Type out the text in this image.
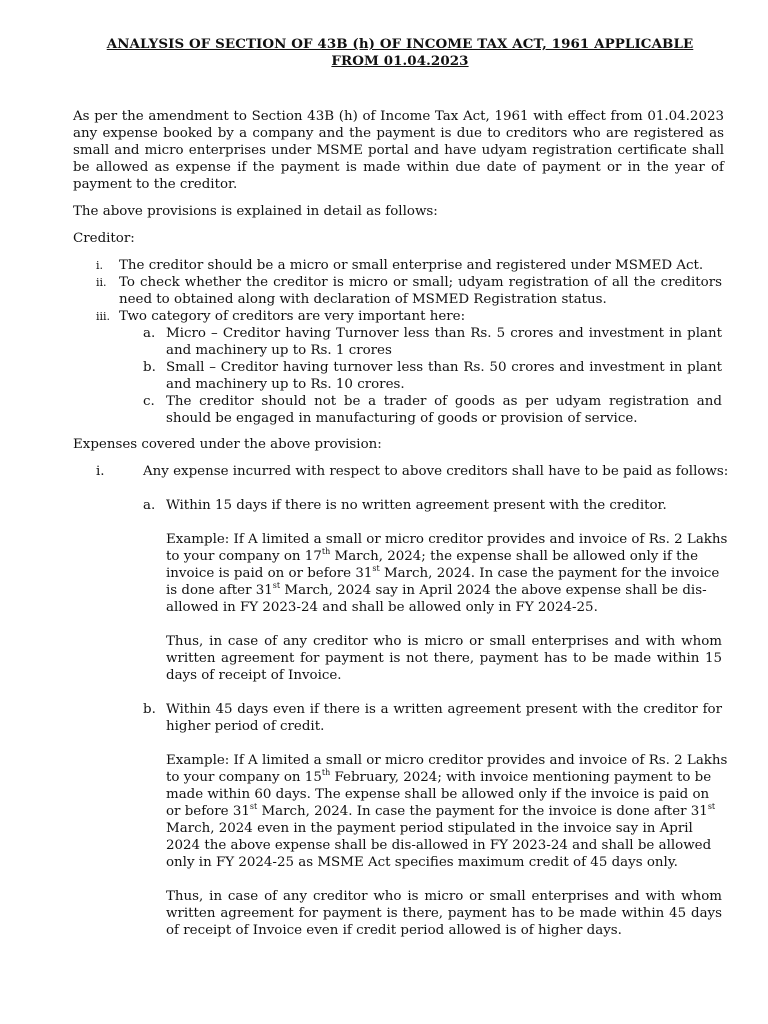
ANALYSIS OF SECTION OF 43B (h) OF INCOME TAX ACT, 1961 APPLICABLE
FROM 01.04.2023
As per the amendment to Section 43B (h) of Income Tax Act, 1961 with effect from 01.04.2023 any expense booked by a company and the payment is due to creditors who are registered as small and micro enterprises under MSME portal and have udyam registration certificate shall be allowed as expense if the payment is made within due date of payment or in the year of payment to the creditor.
The above provisions is explained in detail as follows:
Creditor:
i. The creditor should be a micro or small enterprise and registered under MSMED Act.
ii. To check whether the creditor is micro or small; udyam registration of all the creditors need to obtained along with declaration of MSMED Registration status.
iii. Two category of creditors are very important here:
a. Micro – Creditor having Turnover less than Rs. 5 crores and investment in plant and machinery up to Rs. 1 crores
b. Small – Creditor having turnover less than Rs. 50 crores and investment in plant and machinery up to Rs. 10 crores.
c. The creditor should not be a trader of goods as per udyam registration and should be engaged in manufacturing of goods or provision of service.
Expenses covered under the above provision:
i.	Any expense incurred with respect to above creditors shall have to be paid as follows:
a. Within 15 days if there is no written agreement present with the creditor.
Example: If A limited a small or micro creditor provides and invoice of Rs. 2 Lakhs
to your company on 17th March, 2024; the expense shall be allowed only if the
invoice is paid on or before 31st March, 2024. In case the payment for the invoice
is done after 31st March, 2024 say in April 2024 the above expense shall be dis-
allowed in FY 2023-24 and shall be allowed only in FY 2024-25.
Thus, in case of any creditor who is micro or small enterprises and with whom written agreement for payment is not there, payment has to be made within 15 days of receipt of Invoice.
b. Within 45 days even if there is a written agreement present with the creditor for higher period of credit.
Example: If A limited a small or micro creditor provides and invoice of Rs. 2 Lakhs
to your company on 15th February, 2024; with invoice mentioning payment to be
made within 60 days. The expense shall be allowed only if the invoice is paid on
or before 31st March, 2024. In case the payment for the invoice is done after 31st
March, 2024 even in the payment period stipulated in the invoice say in April
2024 the above expense shall be dis-allowed in FY 2023-24 and shall be allowed
only in FY 2024-25 as MSME Act specifies maximum credit of 45 days only.
Thus, in case of any creditor who is micro or small enterprises and with whom written agreement for payment is there, payment has to be made within 45 days of receipt of Invoice even if credit period allowed is of higher days.
